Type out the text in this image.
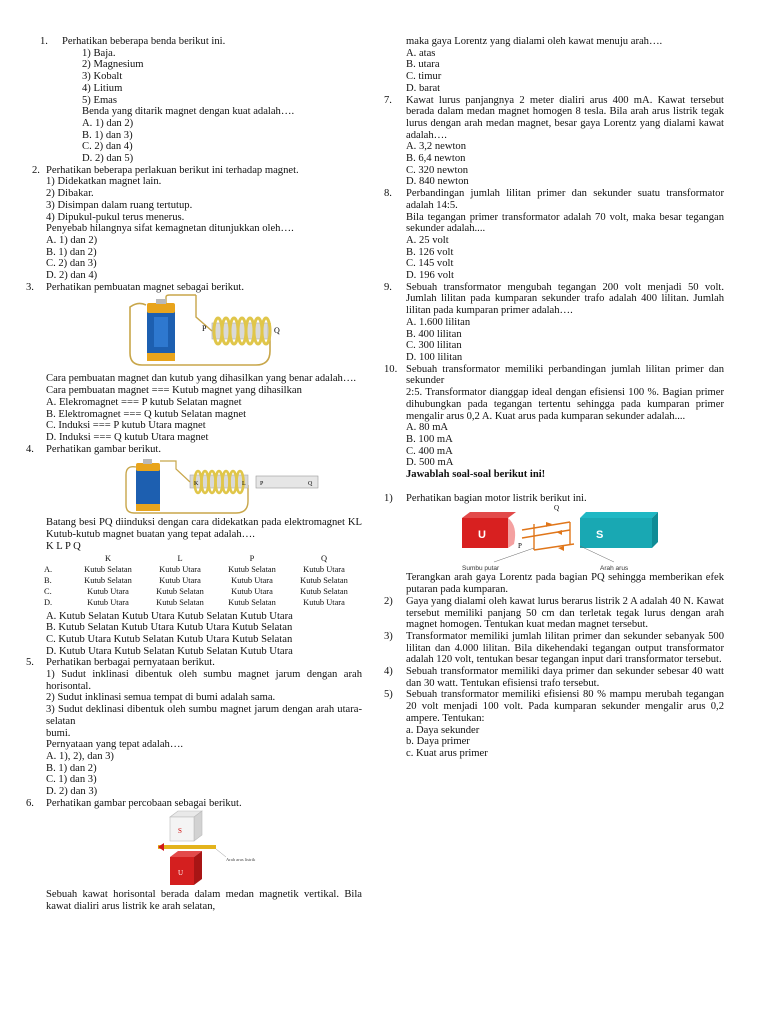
1. Perhatikan beberapa benda berikut ini.

1) Baja.

2) Magnesium

3) Kobalt

4) Litium

5) Emas

Benda yang ditarik magnet dengan kuat adalah….

A. 1) dan 2)

B. 1) dan 3)

C. 2) dan 4)

D. 2) dan 5)

2. Perhatikan beberapa perlakuan berikut ini terhadap magnet.

1) Didekatkan magnet lain.

2) Dibakar.

3) Disimpan dalam ruang tertutup.

4) Dipukul-pukul terus menerus.

Penyebab hilangnya sifat kemagnetan ditunjukkan oleh….

A. 1) dan 2)

B. 1) dan 2)

C. 2) dan 3)

D. 2) dan 4)

3. Perhatikan pembuatan magnet sebagai berikut.

P	Q

Cara pembuatan magnet dan kutub yang dihasilkan yang benar adalah….

Cara pembuatan magnet === Kutub magnet yang dihasilkan

A. Elekromagnet === P kutub Selatan magnet

B. Elektromagnet === Q kutub Selatan magnet

C. Induksi === P kutub Utara magnet

D. Induksi === Q kutub Utara magnet

4. Perhatikan gambar berikut.

K	L P	Q

Batang besi PQ diinduksi dengan cara didekatkan pada elektromagnet KL Kutub-kutub magnet buatan yang tepat adalah….

K L P Q

	K	L	P	Q
A.	Kutub Selatan	Kutub Utara	Kutub Selatan	Kutub Utara
B.	Kutub Selatan	Kutub Utara	Kutub Utara	Kutub Selatan
C.	Kutub Utara	Kutub Selatan	Kutub Utara	Kutub Selatan
D.	Kutub Utara	Kutub Selatan	Kutub Selatan	Kutub Utara

A. Kutub Selatan Kutub Utara Kutub Selatan Kutub Utara

B. Kutub Selatan Kutub Utara Kutub Utara Kutub Selatan

C. Kutub Utara Kutub Selatan Kutub Utara Kutub Selatan

D. Kutub Utara Kutub Selatan Kutub Selatan Kutub Utara

5. Perhatikan berbagai pernyataan berikut.

1) Sudut inklinasi dibentuk oleh sumbu magnet jarum dengan arah horisontal.

2) Sudut inklinasi semua tempat di bumi adalah sama.

3) Sudut deklinasi dibentuk oleh sumbu magnet jarum dengan arah utara-selatan

bumi.

Pernyataan yang tepat adalah….

A. 1), 2), dan 3)

B. 1) dan 2)

C. 1) dan 3)

D. 2) dan 3)

6. Perhatikan gambar percobaan sebagai berikut.

S
U
Arah arus listrik

Sebuah kawat horisontal berada dalam medan magnetik vertikal. Bila kawat dialiri arus listrik ke arah selatan,

maka gaya Lorentz yang dialami oleh kawat menuju arah….

A. atas

B. utara

C. timur

D. barat

7. Kawat lurus panjangnya 2 meter dialiri arus 400 mA. Kawat tersebut berada dalam medan magnet homogen 8 tesla. Bila arah arus listrik tegak lurus dengan arah medan magnet, besar gaya Lorentz yang dialami kawat adalah….

A. 3,2 newton

B. 6,4 newton

C. 320 newton

D. 840 newton

8. Perbandingan jumlah lilitan primer dan sekunder suatu transformator adalah 14:5.

Bila tegangan primer transformator adalah 70 volt, maka besar tegangan sekunder adalah....

A. 25 volt

B. 126 volt

C. 145 volt

D. 196 volt

9. Sebuah transformator mengubah tegangan 200 volt menjadi 50 volt. Jumlah lilitan pada kumparan sekunder trafo adalah 400 lilitan. Jumlah lilitan pada kumparan primer adalah….

A. 1.600 lilitan

B. 400 lilitan

C. 300 lilitan

D. 100 lilitan

10. Sebuah transformator memiliki perbandingan jumlah lilitan primer dan sekunder

2:5. Transformator dianggap ideal dengan efisiensi 100 %. Bagian primer dihubungkan pada tegangan tertentu sehingga pada kumparan primer mengalir arus 0,2 A. Kuat arus pada kumparan sekunder adalah....

A. 80 mA

B. 100 mA

C. 400 mA

D. 500 mA

Jawablah soal-soal berikut ini!

1) Perhatikan bagian motor listrik berikut ini.

U	S
Q
P
Sumbu putar	Arah arus

Terangkan arah gaya Lorentz pada bagian PQ sehingga memberikan efek putaran pada kumparan.

2) Gaya yang dialami oleh kawat lurus berarus listrik 2 A adalah 40 N. Kawat tersebut memiliki panjang 50 cm dan terletak tegak lurus dengan arah magnet homogen. Tentukan kuat medan magnet tersebut.

3) Transformator memiliki jumlah lilitan primer dan sekunder sebanyak 500 lilitan dan 4.000 lilitan. Bila dikehendaki tegangan output transformator adalah 120 volt, tentukan besar tegangan input dari transformator tersebut.

4) Sebuah transformator memiliki daya primer dan sekunder sebesar 40 watt dan 30 watt. Tentukan efisiensi trafo tersebut.

5) Sebuah transformator memiliki efisiensi 80 % mampu merubah tegangan 20 volt menjadi 100 volt. Pada kumparan sekunder mengalir arus 0,2 ampere. Tentukan:

a. Daya sekunder

b. Daya primer

c. Kuat arus primer
